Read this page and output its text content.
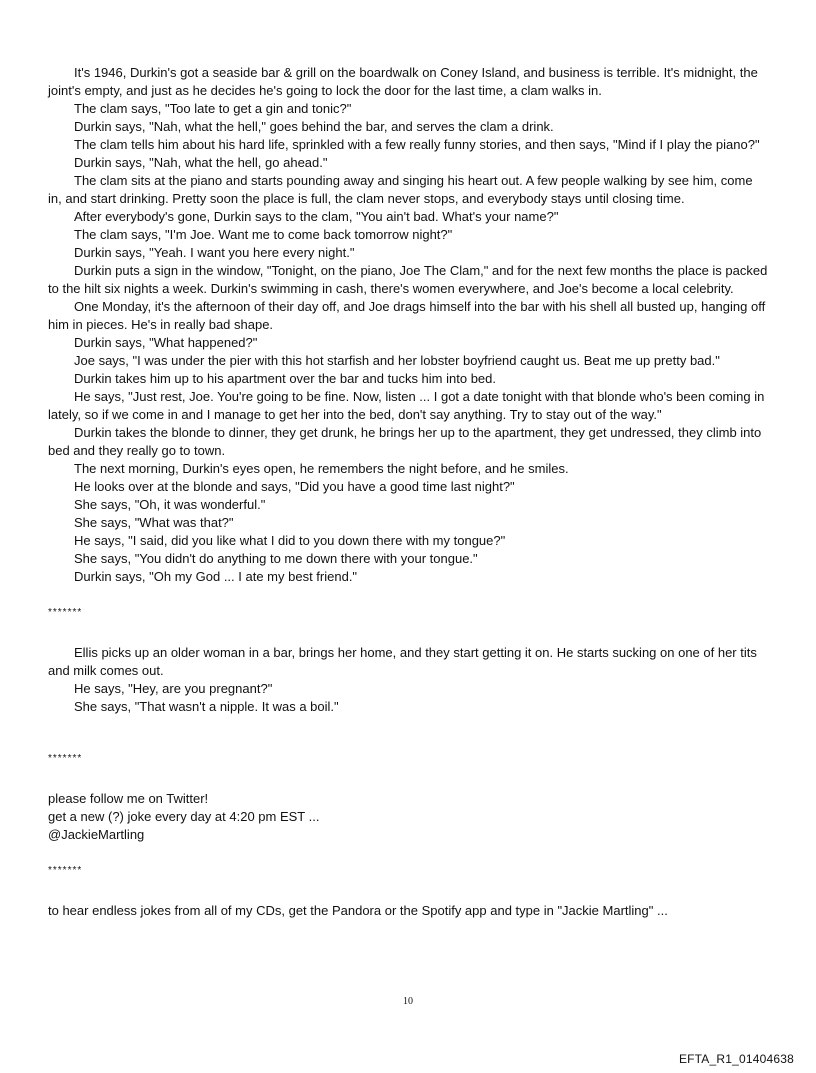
It's 1946, Durkin's got a seaside bar & grill on the boardwalk on Coney Island, and business is terrible. It's midnight, the joint's empty, and just as he decides he's going to lock the door for the last time, a clam walks in.

The clam says, "Too late to get a gin and tonic?"

Durkin says, "Nah, what the hell," goes behind the bar, and serves the clam a drink.

The clam tells him about his hard life, sprinkled with a few really funny stories, and then says, "Mind if I play the piano?"

Durkin says, "Nah, what the hell, go ahead."

The clam sits at the piano and starts pounding away and singing his heart out. A few people walking by see him, come in, and start drinking. Pretty soon the place is full, the clam never stops, and everybody stays until closing time.

After everybody's gone, Durkin says to the clam, "You ain't bad. What's your name?"

The clam says, "I'm Joe. Want me to come back tomorrow night?"

Durkin says, "Yeah. I want you here every night."

Durkin puts a sign in the window, "Tonight, on the piano, Joe The Clam," and for the next few months the place is packed to the hilt six nights a week. Durkin's swimming in cash, there's women everywhere, and Joe's become a local celebrity.

One Monday, it's the afternoon of their day off, and Joe drags himself into the bar with his shell all busted up, hanging off him in pieces. He's in really bad shape.

Durkin says, "What happened?"

Joe says, "I was under the pier with this hot starfish and her lobster boyfriend caught us. Beat me up pretty bad."

Durkin takes him up to his apartment over the bar and tucks him into bed.

He says, "Just rest, Joe. You're going to be fine. Now, listen ... I got a date tonight with that blonde who's been coming in lately, so if we come in and I manage to get her into the bed, don't say anything. Try to stay out of the way."

Durkin takes the blonde to dinner, they get drunk, he brings her up to the apartment, they get undressed, they climb into bed and they really go to town.

The next morning, Durkin's eyes open, he remembers the night before, and he smiles.

He looks over at the blonde and says, "Did you have a good time last night?"

She says, "Oh, it was wonderful."

She says, "What was that?"

He says, "I said, did you like what I did to you down there with my tongue?"

She says, "You didn't do anything to me down there with your tongue."

Durkin says, "Oh my God ... I ate my best friend."

*******

Ellis picks up an older woman in a bar, brings her home, and they start getting it on. He starts sucking on one of her tits and milk comes out.

He says, "Hey, are you pregnant?"

She says, "That wasn't a nipple. It was a boil."

*******

please follow me on Twitter!

get a new (?) joke every day at 4:20 pm EST ...

@JackieMartling

*******

to hear endless jokes from all of my CDs, get the Pandora or the Spotify app and type in "Jackie Martling" ...

10
EFTA_R1_01404638
